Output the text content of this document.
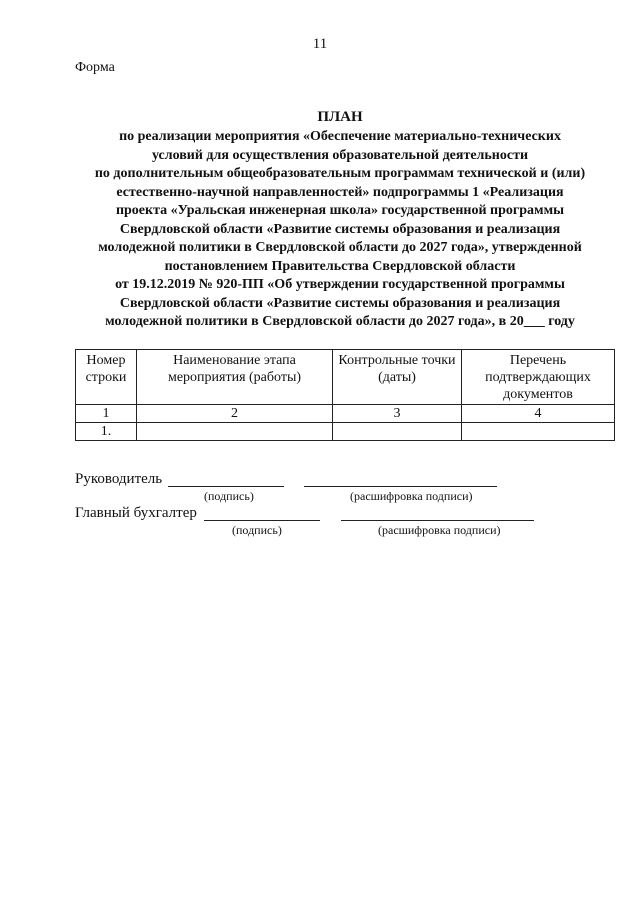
11
Форма
ПЛАН
по реализации мероприятия «Обеспечение материально-технических
условий для осуществления образовательной деятельности
по дополнительным общеобразовательным программам технической и (или)
естественно-научной направленностей» подпрограммы 1 «Реализация
проекта «Уральская инженерная школа» государственной программы
Свердловской области «Развитие системы образования и реализация
молодежной политики в Свердловской области до 2027 года», утвержденной
постановлением Правительства Свердловской области
от 19.12.2019 № 920-ПП «Об утверждении государственной программы
Свердловской области «Развитие системы образования и реализация
молодежной политики в Свердловской области до 2027 года», в 20___ году
Номер строки	Наименование этапа мероприятия (работы)	Контрольные точки (даты)	Перечень подтверждающих документов
1	2	3	4
1.			
Руководитель
(подпись)	(расшифровка подписи)
Главный бухгалтер
(подпись)	(расшифровка подписи)
